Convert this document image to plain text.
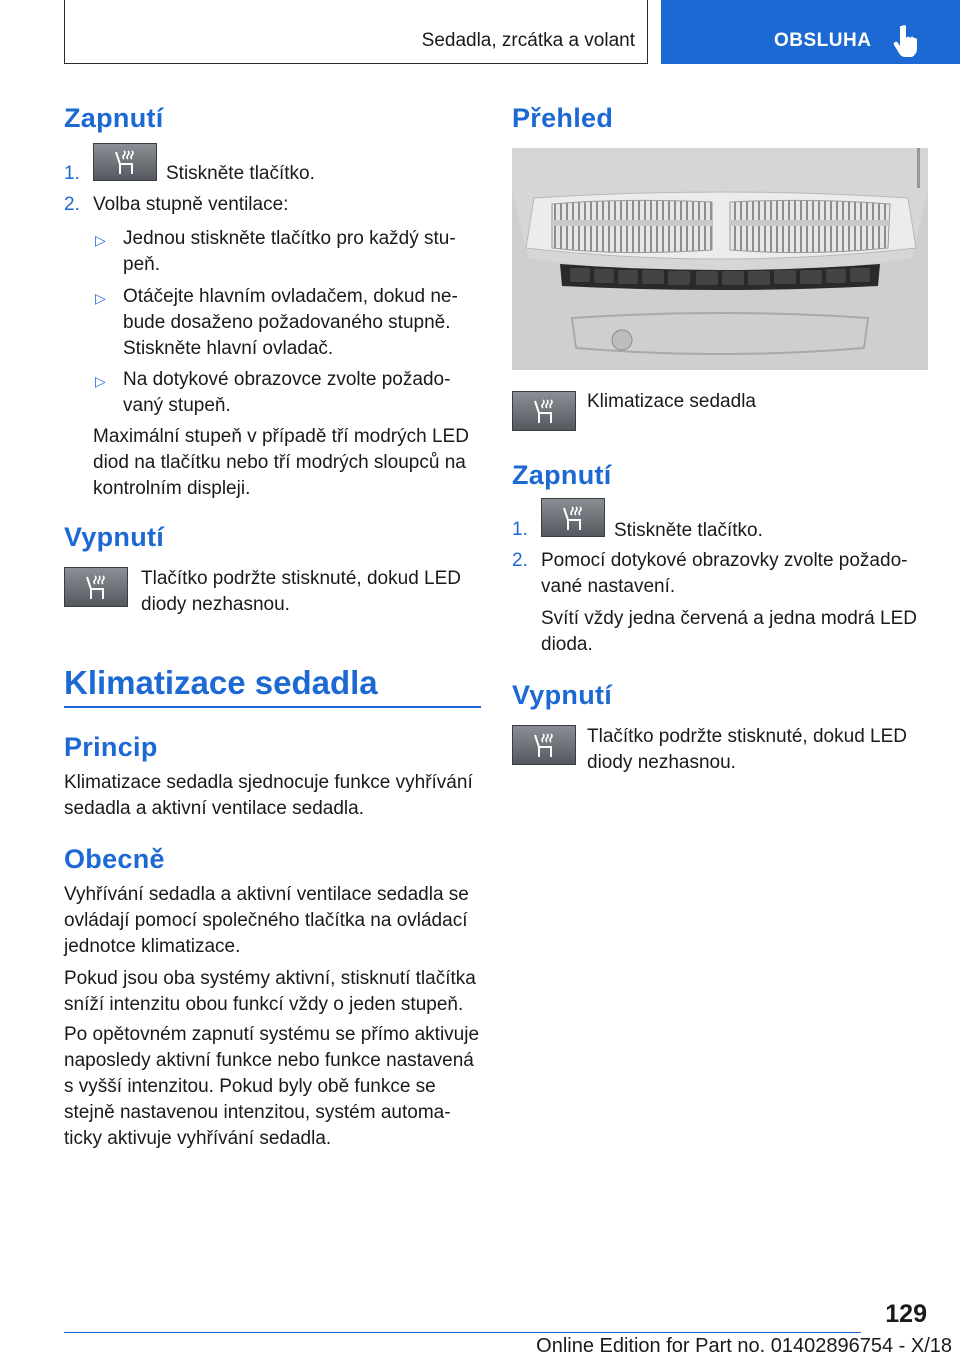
Sedadla, zrcátka a volant	OBSLUHA
Zapnutí
1.	Stiskněte tlačítko.

2. Volba stupně ventilace:

▷ Jednou stiskněte tlačítko pro každý stu-

peň.

▷ Otáčejte hlavním ovladačem, dokud ne-

bude dosaženo požadovaného stupně.

Stiskněte hlavní ovladač.

▷ Na dotykové obrazovce zvolte požado-

vaný stupeň.

Maximální stupeň v případě tří modrých LED

diod na tlačítku nebo tří modrých sloupců na

kontrolním displeji.

Vypnutí

Tlačítko podržte stisknuté, dokud LED

diody nezhasnou.

Klimatizace sedadla
Princip

Klimatizace sedadla sjednocuje funkce vyhřívání

sedadla a aktivní ventilace sedadla.

Obecně

Vyhřívání sedadla a aktivní ventilace sedadla se

ovládají pomocí společného tlačítka na ovládací

jednotce klimatizace.

Pokud jsou oba systémy aktivní, stisknutí tlačítka

sníží intenzitu obou funkcí vždy o jeden stupeň.

Po opětovném zapnutí systému se přímo aktivuje

naposledy aktivní funkce nebo funkce nastavená

s vyšší intenzitou. Pokud byly obě funkce se

stejně nastavenou intenzitou, systém automa-

ticky aktivuje vyhřívání sedadla.

Přehled

Klimatizace sedadla

Zapnutí
1.	Stiskněte tlačítko.

2. Pomocí dotykové obrazovky zvolte požado-

vané nastavení.

Svítí vždy jedna červená a jedna modrá LED

dioda.

Vypnutí

Tlačítko podržte stisknuté, dokud LED

diody nezhasnou.

129
Online Edition for Part no. 01402896754 - X/18
